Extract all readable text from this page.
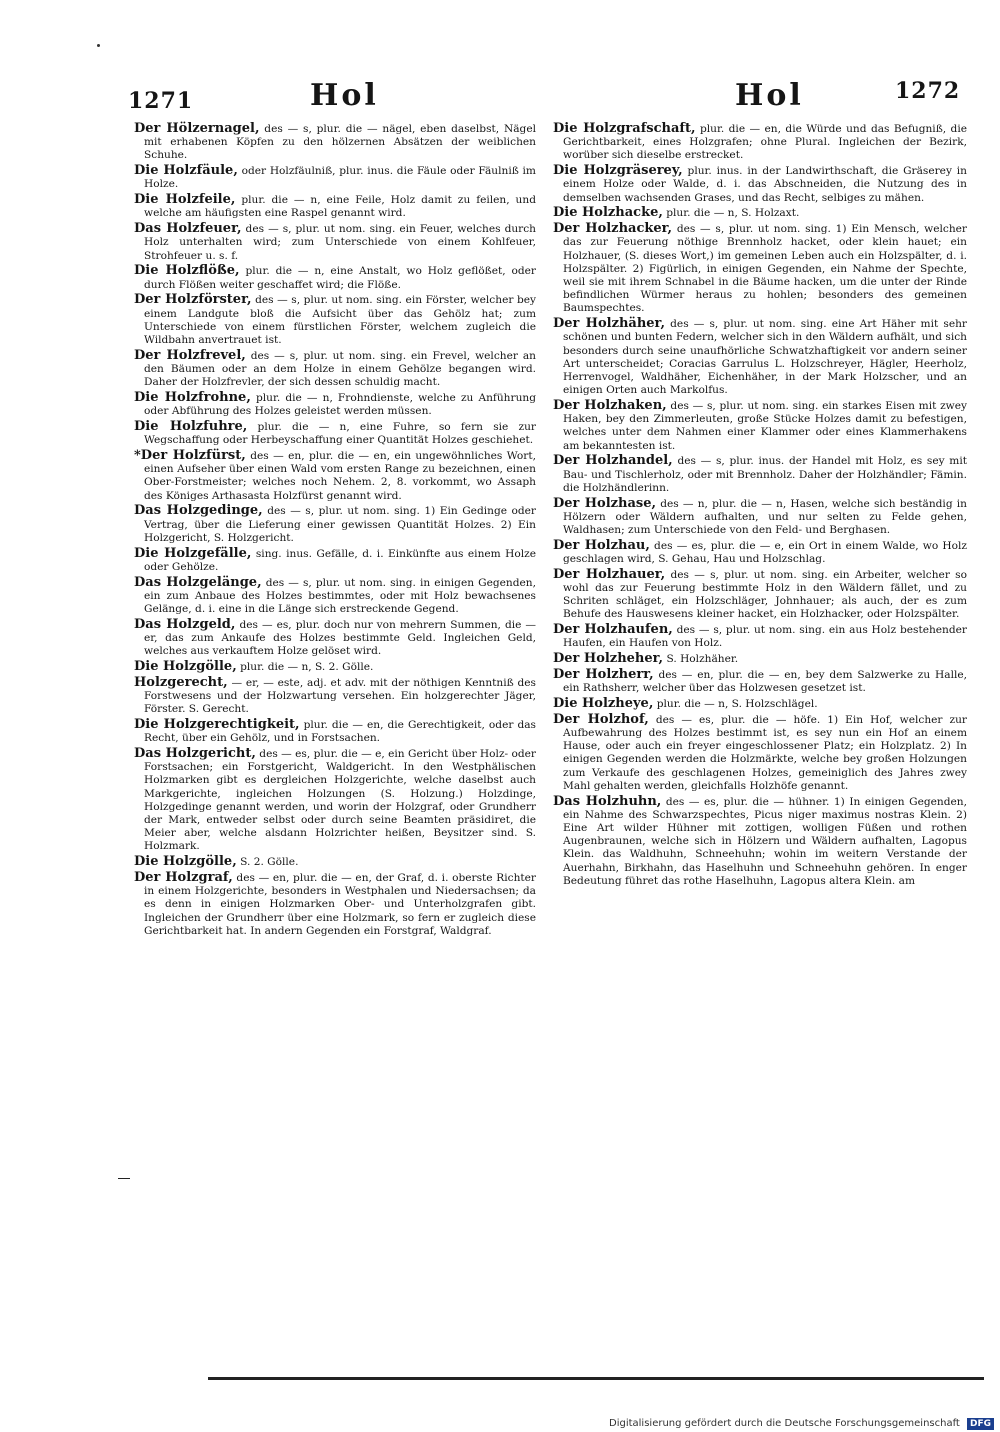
1271	Hol	Hol	1272

Der Hölzernagel, des — s, plur. die — nägel, eben daselbst, Nägel mit erhabenen Köpfen zu den hölzernen Absätzen der weiblichen Schuhe.

Die Holzfäule, oder Holzfäulniß, plur. inus. die Fäule oder Fäulniß im Holze.

Die Holzfeile, plur. die — n, eine Feile, Holz damit zu feilen, und welche am häufigsten eine Raspel genannt wird.

Das Holzfeuer, des — s, plur. ut nom. sing. ein Feuer, welches durch Holz unterhalten wird; zum Unterschiede von einem Kohlfeuer, Strohfeuer u. s. f.

Die Holzflöße, plur. die — n, eine Anstalt, wo Holz geflößet, oder durch Flößen weiter geschaffet wird; die Flöße.

Der Holzförster, des — s, plur. ut nom. sing. ein Förster, welcher bey einem Landgute bloß die Aufsicht über das Gehölz hat; zum Unterschiede von einem fürstlichen Förster, welchem zugleich die Wildbahn anvertrauet ist.

Der Holzfrevel, des — s, plur. ut nom. sing. ein Frevel, welcher an den Bäumen oder an dem Holze in einem Gehölze begangen wird. Daher der Holzfrevler, der sich dessen schuldig macht.

Die Holzfrohne, plur. die — n, Frohndienste, welche zu Anführung oder Abführung des Holzes geleistet werden müssen.

Die Holzfuhre, plur. die — n, eine Fuhre, so fern sie zur Wegschaffung oder Herbeyschaffung einer Quantität Holzes geschiehet.

*Der Holzfürst, des — en, plur. die — en, ein ungewöhnliches Wort, einen Aufseher über einen Wald vom ersten Range zu bezeichnen, einen Ober-Forstmeister; welches noch Nehem. 2, 8. vorkommt, wo Assaph des Königes Arthasasta Holzfürst genannt wird.

Das Holzgedinge, des — s, plur. ut nom. sing. 1) Ein Gedinge oder Vertrag, über die Lieferung einer gewissen Quantität Holzes. 2) Ein Holzgericht, S. Holzgericht.

Die Holzgefälle, sing. inus. Gefälle, d. i. Einkünfte aus einem Holze oder Gehölze.

Das Holzgelänge, des — s, plur. ut nom. sing. in einigen Gegenden, ein zum Anbaue des Holzes bestimmtes, oder mit Holz bewachsenes Gelänge, d. i. eine in die Länge sich erstreckende Gegend.

Das Holzgeld, des — es, plur. doch nur von mehrern Summen, die — er, das zum Ankaufe des Holzes bestimmte Geld. Ingleichen Geld, welches aus verkauftem Holze gelöset wird.

Die Holzgölle, plur. die — n, S. 2. Gölle.

Holzgerecht, — er, — este, adj. et adv. mit der nöthigen Kenntniß des Forstwesens und der Holzwartung versehen. Ein holzgerechter Jäger, Förster. S. Gerecht.

Die Holzgerechtigkeit, plur. die — en, die Gerechtigkeit, oder das Recht, über ein Gehölz, und in Forstsachen.

Das Holzgericht, des — es, plur. die — e, ein Gericht über Holz- oder Forstsachen; ein Forstgericht, Waldgericht. In den Westphälischen Holzmarken gibt es dergleichen Holzgerichte, welche daselbst auch Markgerichte, ingleichen Holzungen (S. Holzung.) Holzdinge, Holzgedinge genannt werden, und worin der Holzgraf, oder Grundherr der Mark, entweder selbst oder durch seine Beamten präsidiret, die Meier aber, welche alsdann Holzrichter heißen, Beysitzer sind. S. Holzmark.

Die Holzgölle, S. 2. Gölle.

Der Holzgraf, des — en, plur. die — en, der Graf, d. i. oberste Richter in einem Holzgerichte, besonders in Westphalen und Niedersachsen; da es denn in einigen Holzmarken Ober- und Unterholzgrafen gibt. Ingleichen der Grundherr über eine Holzmark, so fern er zugleich diese Gerichtbarkeit hat. In andern Gegenden ein Forstgraf, Waldgraf.

Die Holzgrafschaft, plur. die — en, die Würde und das Befugniß, die Gerichtbarkeit, eines Holzgrafen; ohne Plural. Ingleichen der Bezirk, worüber sich dieselbe erstrecket.

Die Holzgräserey, plur. inus. in der Landwirthschaft, die Gräserey in einem Holze oder Walde, d. i. das Abschneiden, die Nutzung des in demselben wachsenden Grases, und das Recht, selbiges zu mähen.

Die Holzhacke, plur. die — n, S. Holzaxt.

Der Holzhacker, des — s, plur. ut nom. sing. 1) Ein Mensch, welcher das zur Feuerung nöthige Brennholz hacket, oder klein hauet; ein Holzhauer, (S. dieses Wort,) im gemeinen Leben auch ein Holzspälter, d. i. Holzspälter. 2) Figürlich, in einigen Gegenden, ein Nahme der Spechte, weil sie mit ihrem Schnabel in die Bäume hacken, um die unter der Rinde befindlichen Würmer heraus zu hohlen; besonders des gemeinen Baumspechtes.

Der Holzhäher, des — s, plur. ut nom. sing. eine Art Häher mit sehr schönen und bunten Federn, welcher sich in den Wäldern aufhält, und sich besonders durch seine unaufhörliche Schwatzhaftigkeit vor andern seiner Art unterscheidet; Coracias Garrulus L. Holzschreyer, Hägler, Heerholz, Herrenvogel, Waldhäher, Eichenhäher, in der Mark Holzscher, und an einigen Orten auch Markolfus.

Der Holzhaken, des — s, plur. ut nom. sing. ein starkes Eisen mit zwey Haken, bey den Zimmerleuten, große Stücke Holzes damit zu befestigen, welches unter dem Nahmen einer Klammer oder eines Klammerhakens am bekanntesten ist.

Der Holzhandel, des — s, plur. inus. der Handel mit Holz, es sey mit Bau- und Tischlerholz, oder mit Brennholz. Daher der Holzhändler; Fämin. die Holzhändlerinn.

Der Holzhase, des — n, plur. die — n, Hasen, welche sich beständig in Hölzern oder Wäldern aufhalten, und nur selten zu Felde gehen, Waldhasen; zum Unterschiede von den Feld- und Berghasen.

Der Holzhau, des — es, plur. die — e, ein Ort in einem Walde, wo Holz geschlagen wird, S. Gehau, Hau und Holzschlag.

Der Holzhauer, des — s, plur. ut nom. sing. ein Arbeiter, welcher so wohl das zur Feuerung bestimmte Holz in den Wäldern fället, und zu Schriten schläget, ein Holzschläger, Johnhauer; als auch, der es zum Behufe des Hauswesens kleiner hacket, ein Holzhacker, oder Holzspälter.

Der Holzhaufen, des — s, plur. ut nom. sing. ein aus Holz bestehender Haufen, ein Haufen von Holz.

Der Holzheher, S. Holzhäher.

Der Holzherr, des — en, plur. die — en, bey dem Salzwerke zu Halle, ein Rathsherr, welcher über das Holzwesen gesetzet ist.

Die Holzheye, plur. die — n, S. Holzschlägel.

Der Holzhof, des — es, plur. die — höfe. 1) Ein Hof, welcher zur Aufbewahrung des Holzes bestimmt ist, es sey nun ein Hof an einem Hause, oder auch ein freyer eingeschlossener Platz; ein Holzplatz. 2) In einigen Gegenden werden die Holzmärkte, welche bey großen Holzungen zum Verkaufe des geschlagenen Holzes, gemeiniglich des Jahres zwey Mahl gehalten werden, gleichfalls Holzhöfe genannt.

Das Holzhuhn, des — es, plur. die — hühner. 1) In einigen Gegenden, ein Nahme des Schwarzspechtes, Picus niger maximus nostras Klein. 2) Eine Art wilder Hühner mit zottigen, wolligen Füßen und rothen Augenbraunen, welche sich in Hölzern und Wäldern aufhalten, Lagopus Klein. das Waldhuhn, Schneehuhn; wohin im weitern Verstande der Auerhahn, Birkhahn, das Haselhuhn und Schneehuhn gehören. In enger Bedeutung führet das rothe Haselhuhn, Lagopus altera Klein. am

Digitalisierung gefördert durch die Deutsche Forschungsgemeinschaft DFG
